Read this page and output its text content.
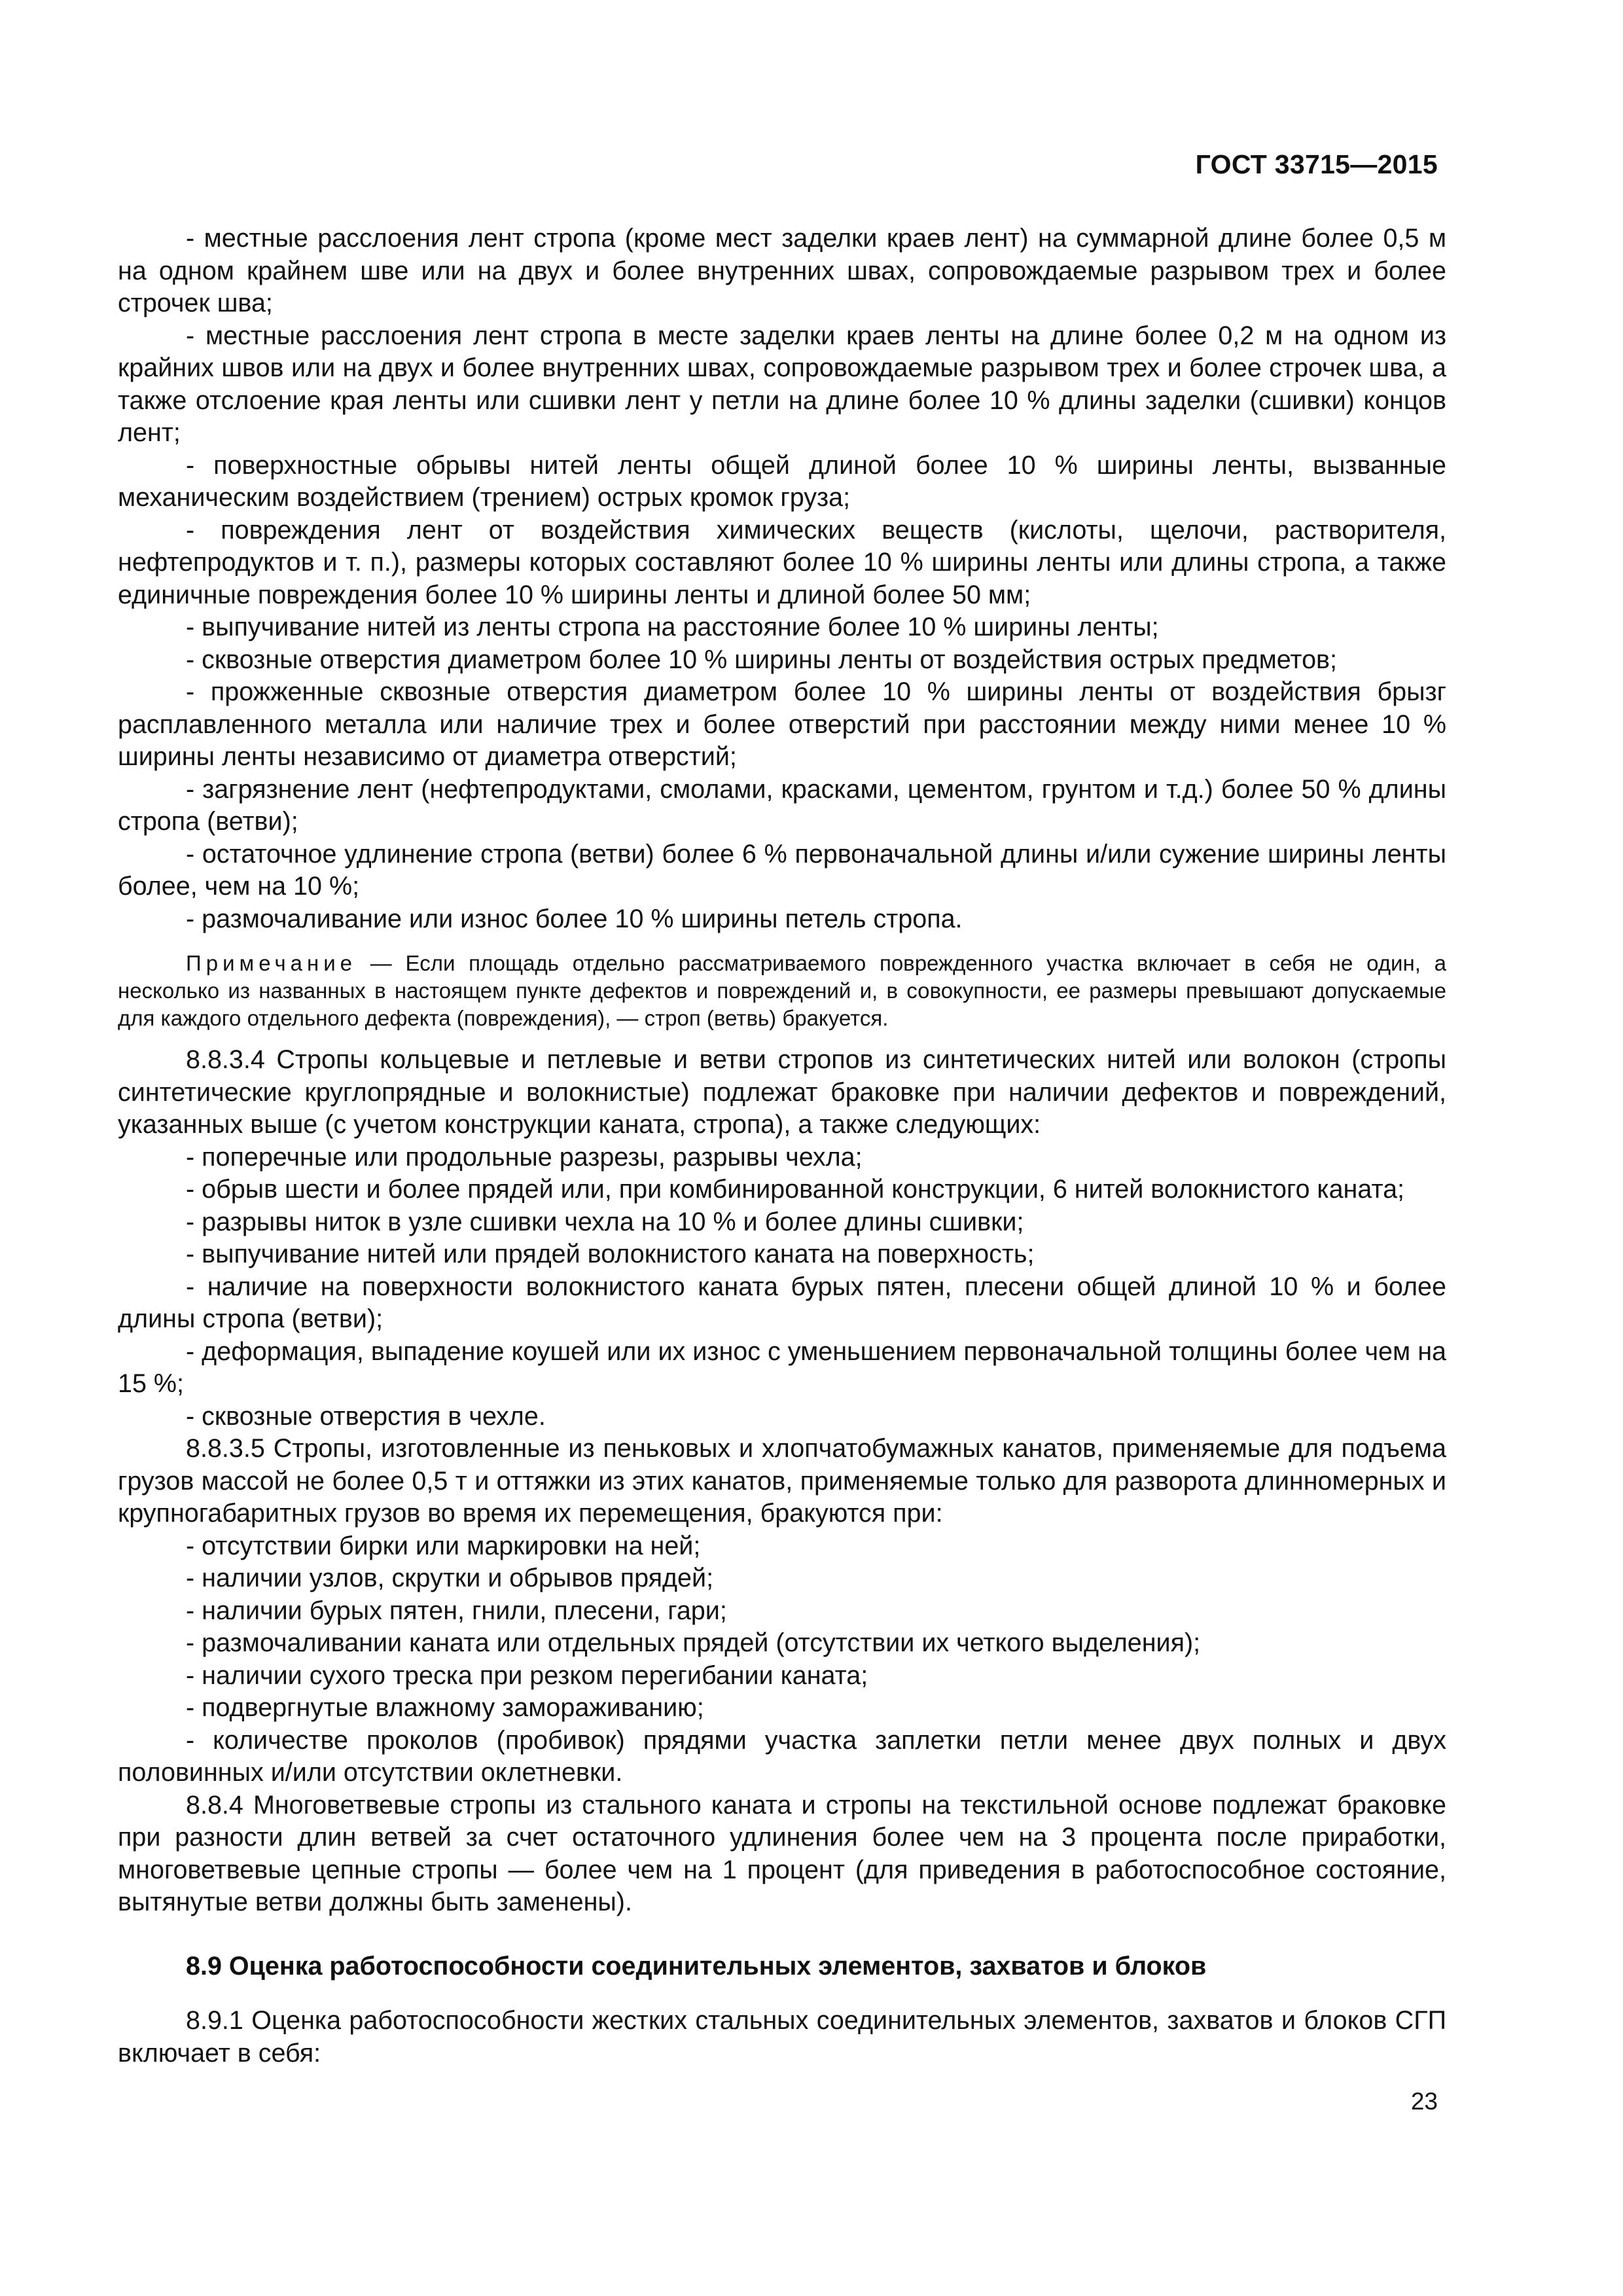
ГОСТ 33715—2015

- местные расслоения лент стропа (кроме мест заделки краев лент) на суммарной длине более 0,5 м на одном крайнем шве или на двух и более внутренних швах, сопровождаемые разрывом трех и более строчек шва;

- местные расслоения лент стропа в месте заделки краев ленты на длине более 0,2 м на одном из крайних швов или на двух и более внутренних швах, сопровождаемые разрывом трех и более строчек шва, а также отслоение края ленты или сшивки лент у петли на длине более 10 % длины заделки (сшивки) концов лент;

- поверхностные обрывы нитей ленты общей длиной более 10 % ширины ленты, вызванные механическим воздействием (трением) острых кромок груза;

- повреждения лент от воздействия химических веществ (кислоты, щелочи, растворителя, нефтепродуктов и т. п.), размеры которых составляют более 10 % ширины ленты или длины стропа, а также единичные повреждения более 10 % ширины ленты и длиной более 50 мм;

- выпучивание нитей из ленты стропа на расстояние более 10 % ширины ленты;

- сквозные отверстия диаметром более 10 % ширины ленты от воздействия острых предметов;

- прожженные сквозные отверстия диаметром более 10 % ширины ленты от воздействия брызг расплавленного металла или наличие трех и более отверстий при расстоянии между ними менее 10 % ширины ленты независимо от диаметра отверстий;

- загрязнение лент (нефтепродуктами, смолами, красками, цементом, грунтом и т.д.) более 50 % длины стропа (ветви);

- остаточное удлинение стропа (ветви) более 6 % первоначальной длины и/или сужение ширины ленты более, чем на 10 %;

- размочаливание или износ более 10 % ширины петель стропа.

Примечание — Если площадь отдельно рассматриваемого поврежденного участка включает в себя не один, а несколько из названных в настоящем пункте дефектов и повреждений и, в совокупности, ее размеры превышают допускаемые для каждого отдельного дефекта (повреждения), — строп (ветвь) бракуется.

8.8.3.4 Стропы кольцевые и петлевые и ветви стропов из синтетических нитей или волокон (стропы синтетические круглопрядные и волокнистые) подлежат браковке при наличии дефектов и повреждений, указанных выше (с учетом конструкции каната, стропа), а также следующих:

- поперечные или продольные разрезы, разрывы чехла;

- обрыв шести и более прядей или, при комбинированной конструкции, 6 нитей волокнистого каната;

- разрывы ниток в узле сшивки чехла на 10 % и более длины сшивки;

- выпучивание нитей или прядей волокнистого каната на поверхность;

- наличие на поверхности волокнистого каната бурых пятен, плесени общей длиной 10 % и более длины стропа (ветви);

- деформация, выпадение коушей или их износ с уменьшением первоначальной толщины более чем на 15 %;

- сквозные отверстия в чехле.

8.8.3.5 Стропы, изготовленные из пеньковых и хлопчатобумажных канатов, применяемые для подъема грузов массой не более 0,5 т и оттяжки из этих канатов, применяемые только для разворота длинномерных и крупногабаритных грузов во время их перемещения, бракуются при:

- отсутствии бирки или маркировки на ней;

- наличии узлов, скрутки и обрывов прядей;

- наличии бурых пятен, гнили, плесени, гари;

- размочаливании каната или отдельных прядей (отсутствии их четкого выделения);

- наличии сухого треска при резком перегибании каната;

- подвергнутые влажному замораживанию;

- количестве проколов (пробивок) прядями участка заплетки петли менее двух полных и двух половинных и/или отсутствии оклетневки.

8.8.4 Многоветвевые стропы из стального каната и стропы на текстильной основе подлежат браковке при разности длин ветвей за счет остаточного удлинения более чем на 3 процента после приработки, многоветвевые цепные стропы — более чем на 1 процент (для приведения в работоспособное состояние, вытянутые ветви должны быть заменены).

8.9 Оценка работоспособности соединительных элементов, захватов и блоков

8.9.1 Оценка работоспособности жестких стальных соединительных элементов, захватов и блоков СГП включает в себя:

23
